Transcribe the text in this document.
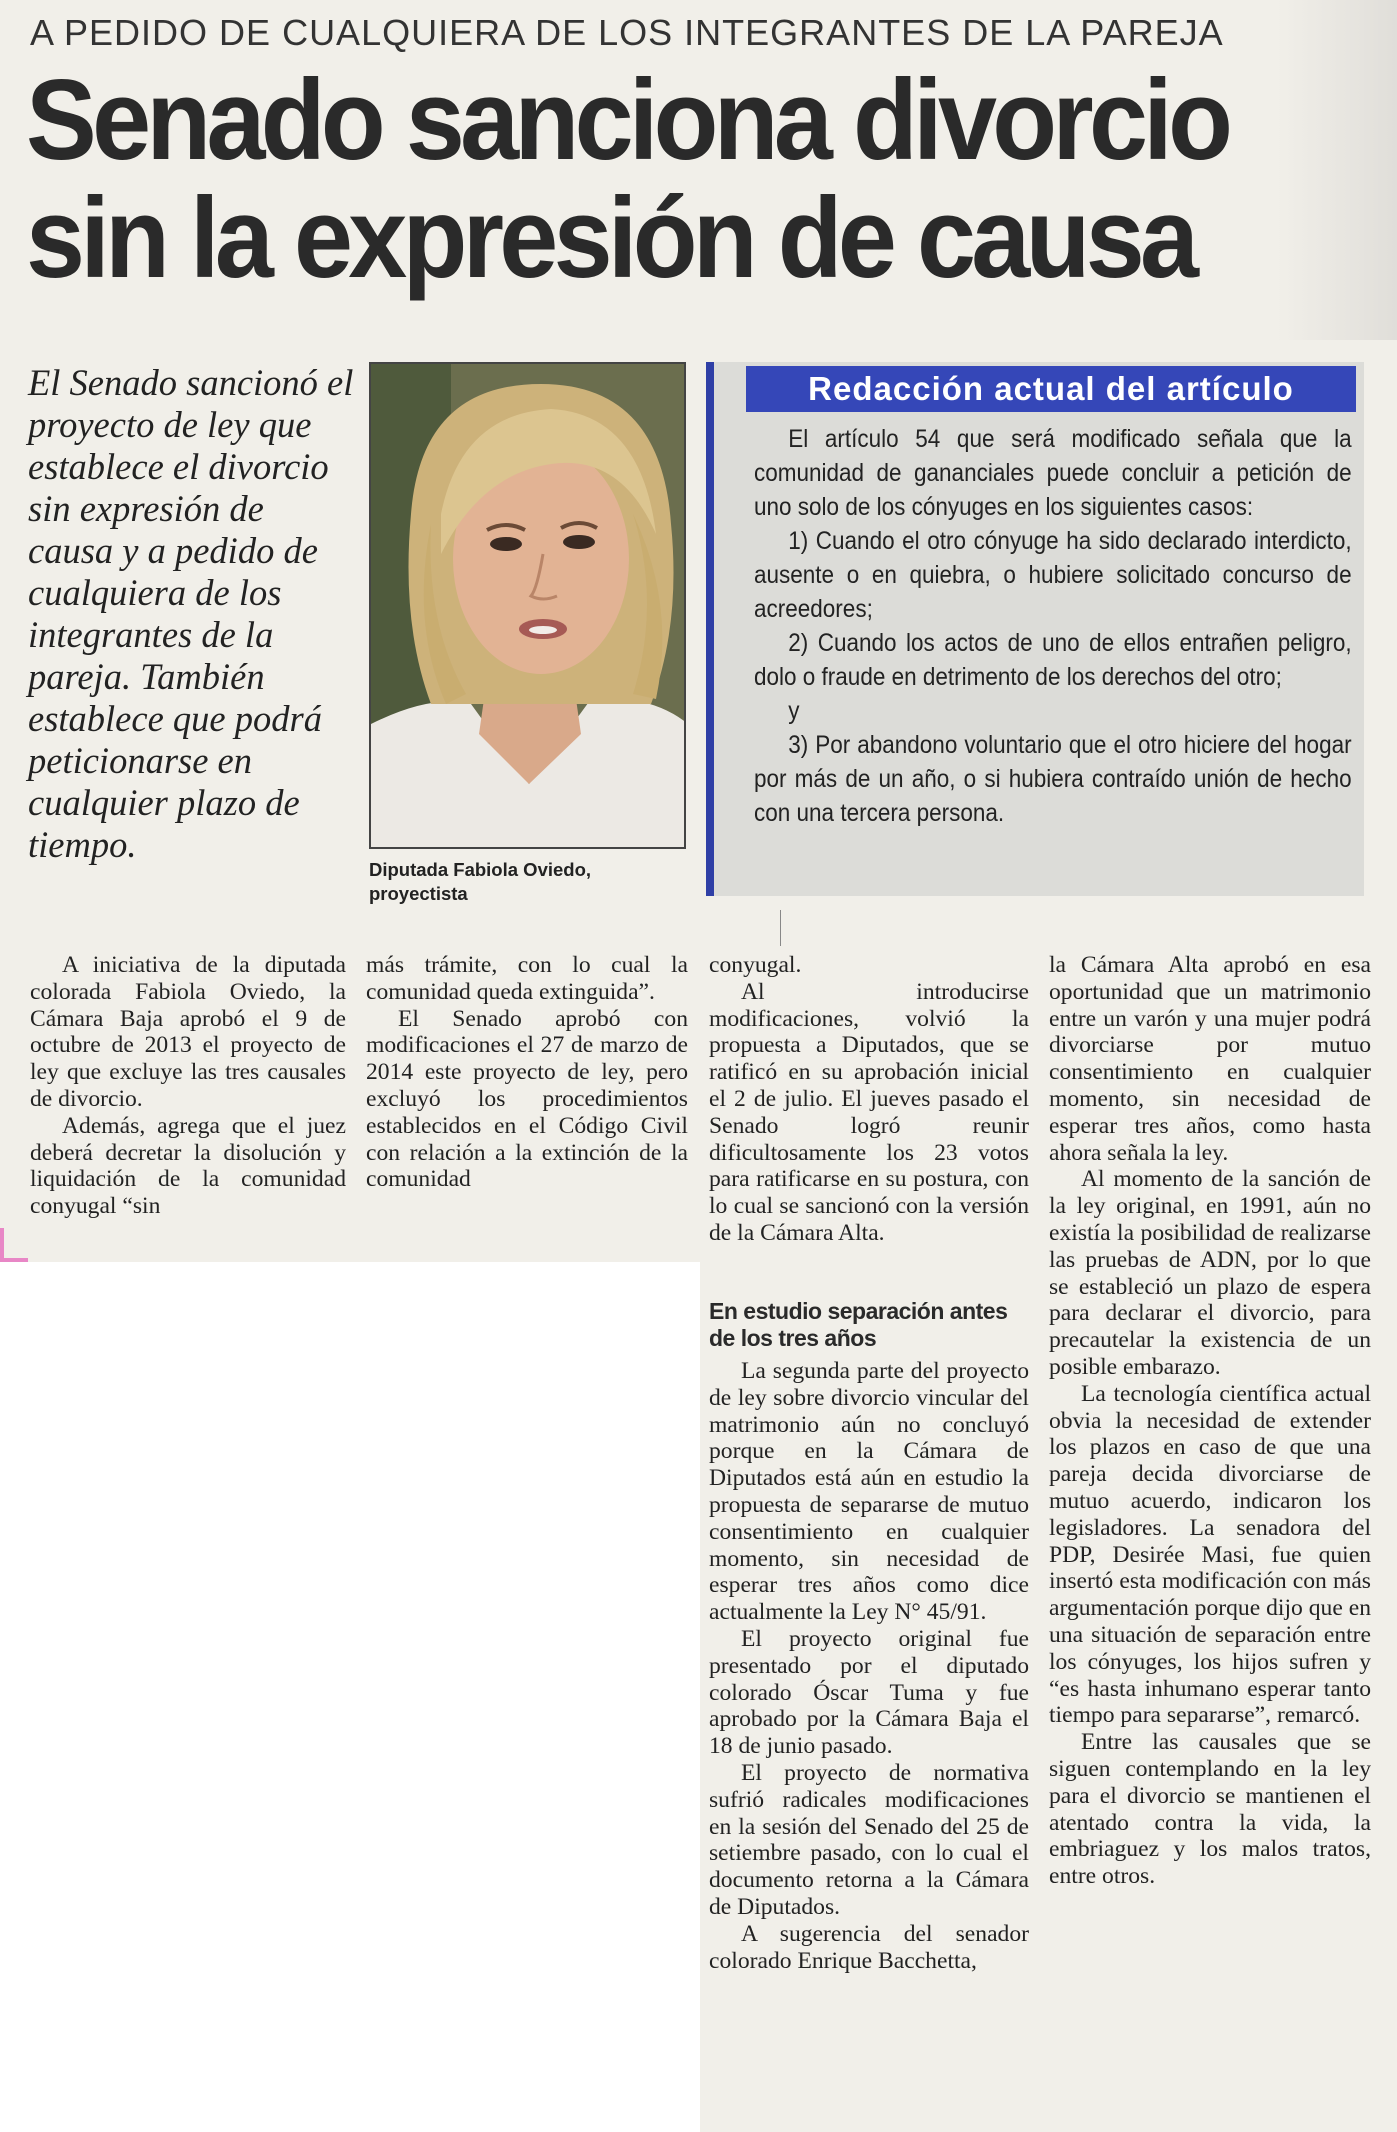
A PEDIDO DE CUALQUIERA DE LOS INTEGRANTES DE LA PAREJA
Senado sanciona divorcio
sin la expresión de causa
El Senado sancionó el proyecto de ley que establece el divorcio sin expresión de causa y a pedido de cualquiera de los integrantes de la pareja. También establece que podrá peticionarse en cualquier plazo de tiempo.
Diputada Fabiola Oviedo, proyectista
Redacción actual del artículo

El artículo 54 que será modificado señala que la comunidad de gananciales puede concluir a petición de uno solo de los cónyuges en los siguientes casos:

1) Cuando el otro cónyuge ha sido declarado interdicto, ausente o en quiebra, o hubiere solicitado concurso de acreedores;

2) Cuando los actos de uno de ellos entrañen peligro, dolo o fraude en detrimento de los derechos del otro;

y

3) Por abandono voluntario que el otro hiciere del hogar por más de un año, o si hubiera contraído unión de hecho con una tercera persona.

A iniciativa de la diputada colorada Fabiola Oviedo, la Cámara Baja aprobó el 9 de octubre de 2013 el proyecto de ley que excluye las tres causales de divorcio.

Además, agrega que el juez deberá decretar la disolución y liquidación de la comunidad conyugal “sin

más trámite, con lo cual la comunidad queda extinguida”.

El Senado aprobó con modificaciones el 27 de marzo de 2014 este proyecto de ley, pero excluyó los procedimientos establecidos en el Código Civil con relación a la extinción de la comunidad

conyugal.

Al introducirse modificaciones, volvió la propuesta a Diputados, que se ratificó en su aprobación inicial el 2 de julio. El jueves pasado el Senado logró reunir dificultosamente los 23 votos para ratificarse en su postura, con lo cual se sancionó con la versión de la Cámara Alta.

En estudio separación antes de los tres años

La segunda parte del proyecto de ley sobre divorcio vincular del matrimonio aún no concluyó porque en la Cámara de Diputados está aún en estudio la propuesta de separarse de mutuo consentimiento en cualquier momento, sin necesidad de esperar tres años como dice actualmente la Ley N° 45/91.

El proyecto original fue presentado por el diputado colorado Óscar Tuma y fue aprobado por la Cámara Baja el 18 de junio pasado.

El proyecto de normativa sufrió radicales modificaciones en la sesión del Senado del 25 de setiembre pasado, con lo cual el documento retorna a la Cámara de Diputados.

A sugerencia del senador colorado Enrique Bacchetta,

la Cámara Alta aprobó en esa oportunidad que un matrimonio entre un varón y una mujer podrá divorciarse por mutuo consentimiento en cualquier momento, sin necesidad de esperar tres años, como hasta ahora señala la ley.

Al momento de la sanción de la ley original, en 1991, aún no existía la posibilidad de realizarse las pruebas de ADN, por lo que se estableció un plazo de espera para declarar el divorcio, para precautelar la existencia de un posible embarazo.

La tecnología científica actual obvia la necesidad de extender los plazos en caso de que una pareja decida divorciarse de mutuo acuerdo, indicaron los legisladores. La senadora del PDP, Desirée Masi, fue quien insertó esta modificación con más argumentación porque dijo que en una situación de separación entre los cónyuges, los hijos sufren y “es hasta inhumano esperar tanto tiempo para separarse”, remarcó.

Entre las causales que se siguen contemplando en la ley para el divorcio se mantienen el atentado contra la vida, la embriaguez y los malos tratos, entre otros.
